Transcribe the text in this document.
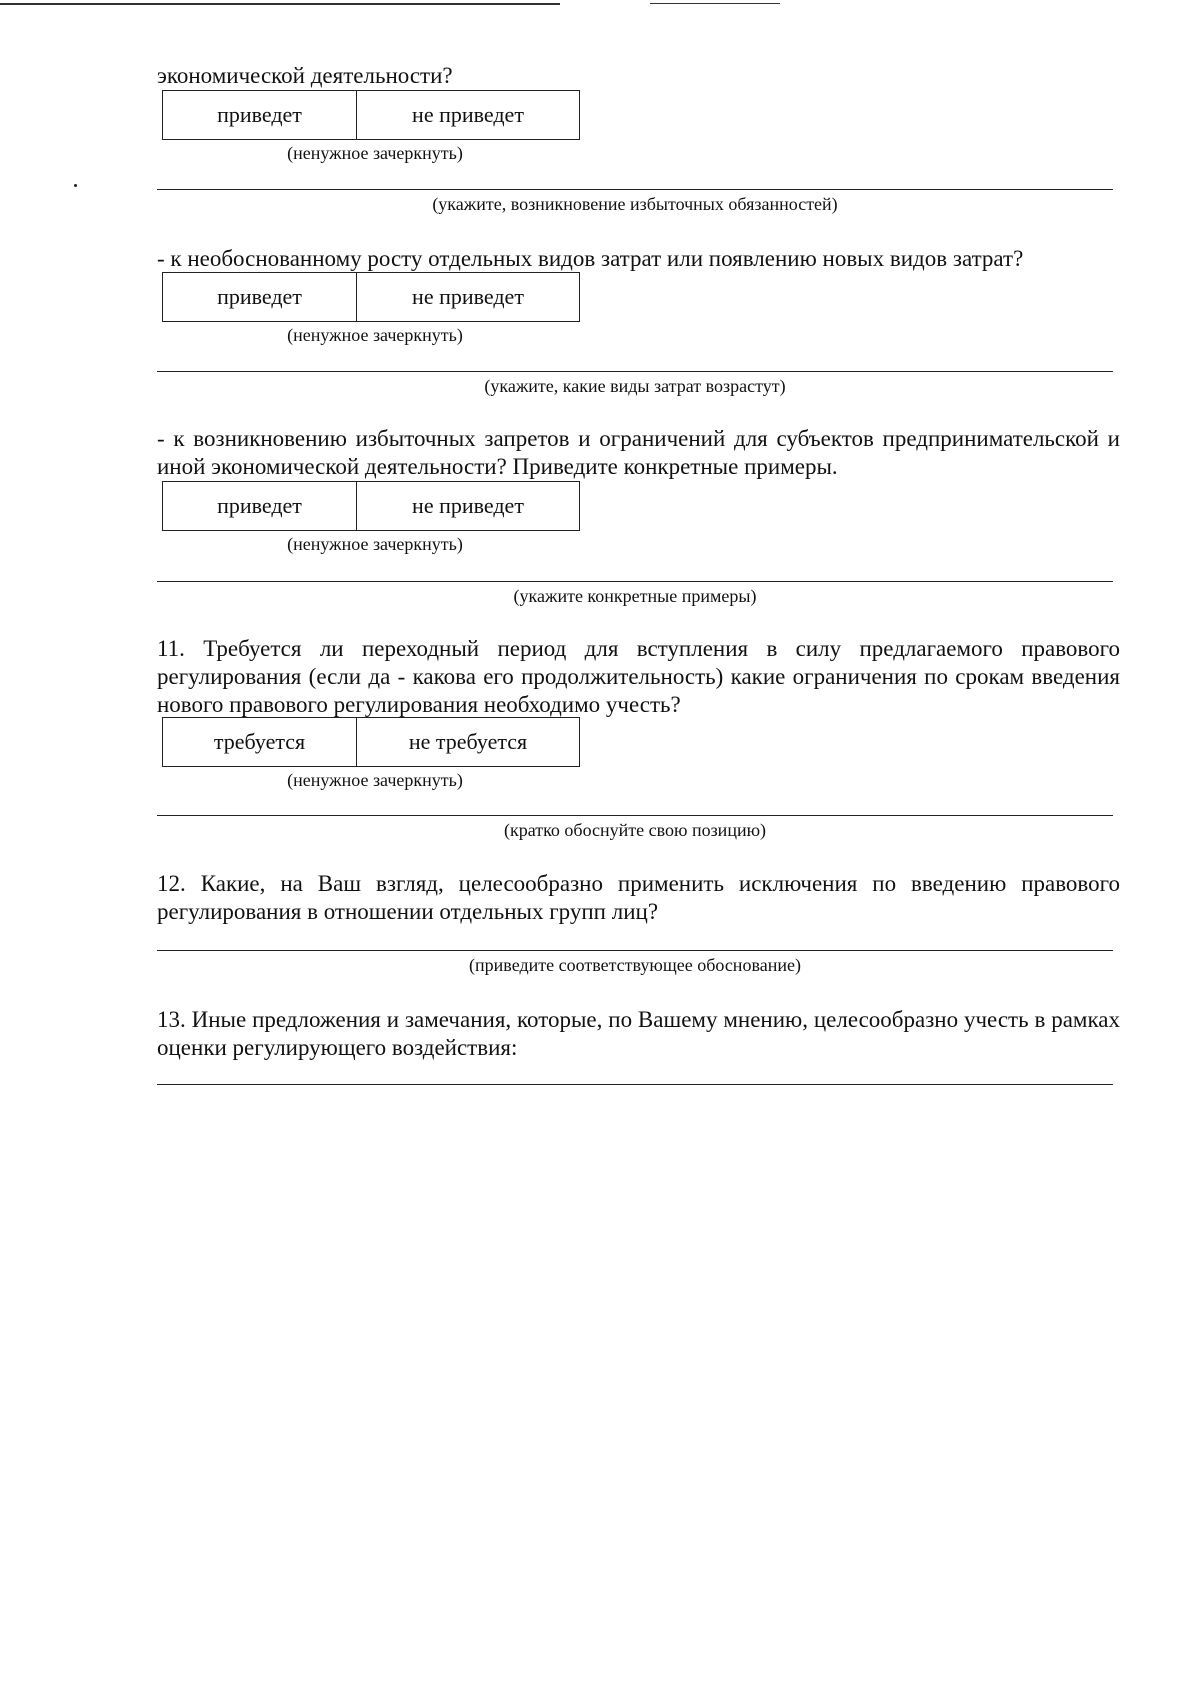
экономической деятельности?
приведет	не приведет
(ненужное зачеркнуть)
(укажите, возникновение избыточных обязанностей)
- к необоснованному росту отдельных видов затрат или появлению новых видов затрат?
приведет	не приведет
(ненужное зачеркнуть)
(укажите, какие виды затрат возрастут)
- к возникновению избыточных запретов и ограничений для субъектов предпринимательской и иной экономической деятельности? Приведите конкретные примеры.
приведет	не приведет
(ненужное зачеркнуть)
(укажите конкретные примеры)
11. Требуется ли переходный период для вступления в силу предлагаемого правового регулирования (если да - какова его продолжительность) какие ограничения по срокам введения нового правового регулирования необходимо учесть?
требуется	не требуется
(ненужное зачеркнуть)
(кратко обоснуйте свою позицию)
12. Какие, на Ваш взгляд, целесообразно применить исключения по введению правового регулирования в отношении отдельных групп лиц?
(приведите соответствующее обоснование)
13. Иные предложения и замечания, которые, по Вашему мнению, целесообразно учесть в рамках оценки регулирующего воздействия:
